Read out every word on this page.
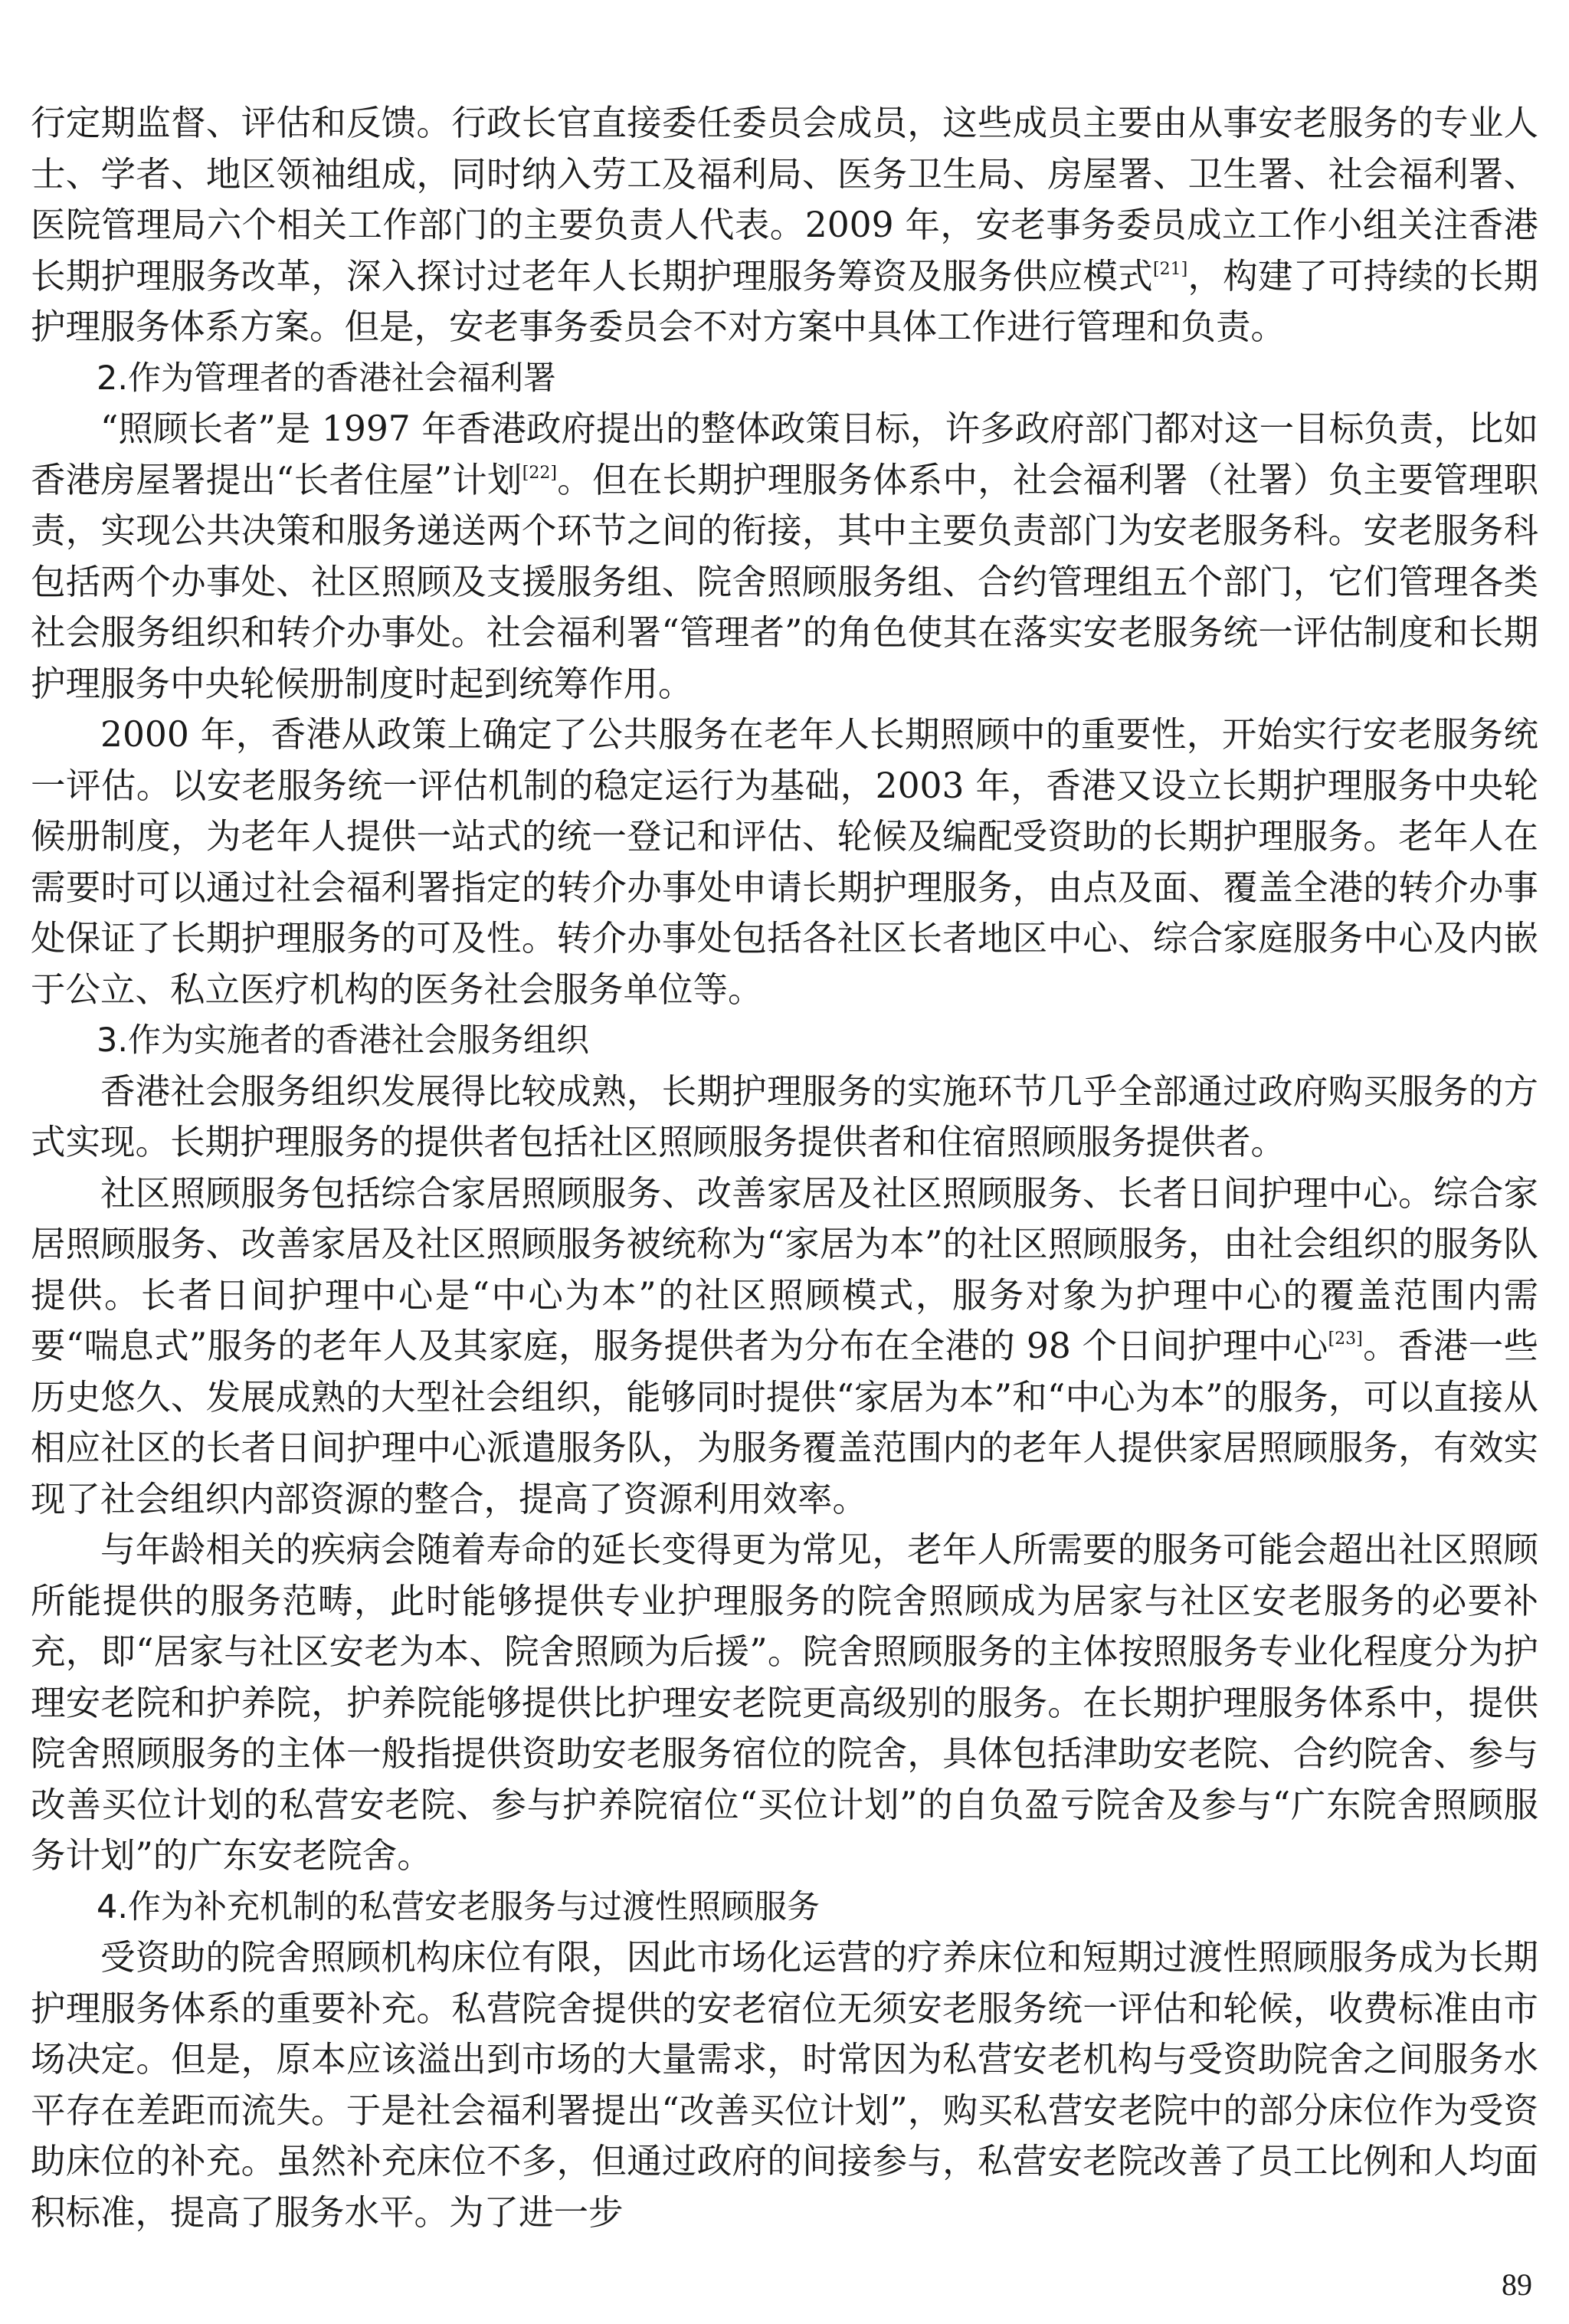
行定期监督、评估和反馈。行政长官直接委任委员会成员，这些成员主要由从事安老服务的专业人士、学者、地区领袖组成，同时纳入劳工及福利局、医务卫生局、房屋署、卫生署、社会福利署、医院管理局六个相关工作部门的主要负责人代表。2009 年，安老事务委员成立工作小组关注香港长期护理服务改革，深入探讨过老年人长期护理服务筹资及服务供应模式[21]，构建了可持续的长期护理服务体系方案。但是，安老事务委员会不对方案中具体工作进行管理和负责。

2.作为管理者的香港社会福利署

“照顾长者”是 1997 年香港政府提出的整体政策目标，许多政府部门都对这一目标负责，比如香港房屋署提出“长者住屋”计划[22]。但在长期护理服务体系中，社会福利署（社署）负主要管理职责，实现公共决策和服务递送两个环节之间的衔接，其中主要负责部门为安老服务科。安老服务科包括两个办事处、社区照顾及支援服务组、院舍照顾服务组、合约管理组五个部门，它们管理各类社会服务组织和转介办事处。社会福利署“管理者”的角色使其在落实安老服务统一评估制度和长期护理服务中央轮候册制度时起到统筹作用。

2000 年，香港从政策上确定了公共服务在老年人长期照顾中的重要性，开始实行安老服务统一评估。以安老服务统一评估机制的稳定运行为基础，2003 年，香港又设立长期护理服务中央轮候册制度，为老年人提供一站式的统一登记和评估、轮候及编配受资助的长期护理服务。老年人在需要时可以通过社会福利署指定的转介办事处申请长期护理服务，由点及面、覆盖全港的转介办事处保证了长期护理服务的可及性。转介办事处包括各社区长者地区中心、综合家庭服务中心及内嵌于公立、私立医疗机构的医务社会服务单位等。

3.作为实施者的香港社会服务组织

香港社会服务组织发展得比较成熟，长期护理服务的实施环节几乎全部通过政府购买服务的方式实现。长期护理服务的提供者包括社区照顾服务提供者和住宿照顾服务提供者。

社区照顾服务包括综合家居照顾服务、改善家居及社区照顾服务、长者日间护理中心。综合家居照顾服务、改善家居及社区照顾服务被统称为“家居为本”的社区照顾服务，由社会组织的服务队提供。长者日间护理中心是“中心为本”的社区照顾模式，服务对象为护理中心的覆盖范围内需要“喘息式”服务的老年人及其家庭，服务提供者为分布在全港的 98 个日间护理中心[23]。香港一些历史悠久、发展成熟的大型社会组织，能够同时提供“家居为本”和“中心为本”的服务，可以直接从相应社区的长者日间护理中心派遣服务队，为服务覆盖范围内的老年人提供家居照顾服务，有效实现了社会组织内部资源的整合，提高了资源利用效率。

与年龄相关的疾病会随着寿命的延长变得更为常见，老年人所需要的服务可能会超出社区照顾所能提供的服务范畴，此时能够提供专业护理服务的院舍照顾成为居家与社区安老服务的必要补充，即“居家与社区安老为本、院舍照顾为后援”。院舍照顾服务的主体按照服务专业化程度分为护理安老院和护养院，护养院能够提供比护理安老院更高级别的服务。在长期护理服务体系中，提供院舍照顾服务的主体一般指提供资助安老服务宿位的院舍，具体包括津助安老院、合约院舍、参与改善买位计划的私营安老院、参与护养院宿位“买位计划”的自负盈亏院舍及参与“广东院舍照顾服务计划”的广东安老院舍。

4.作为补充机制的私营安老服务与过渡性照顾服务

受资助的院舍照顾机构床位有限，因此市场化运营的疗养床位和短期过渡性照顾服务成为长期护理服务体系的重要补充。私营院舍提供的安老宿位无须安老服务统一评估和轮候，收费标准由市场决定。但是，原本应该溢出到市场的大量需求，时常因为私营安老机构与受资助院舍之间服务水平存在差距而流失。于是社会福利署提出“改善买位计划”，购买私营安老院中的部分床位作为受资助床位的补充。虽然补充床位不多，但通过政府的间接参与，私营安老院改善了员工比例和人均面积标准，提高了服务水平。为了进一步

89
